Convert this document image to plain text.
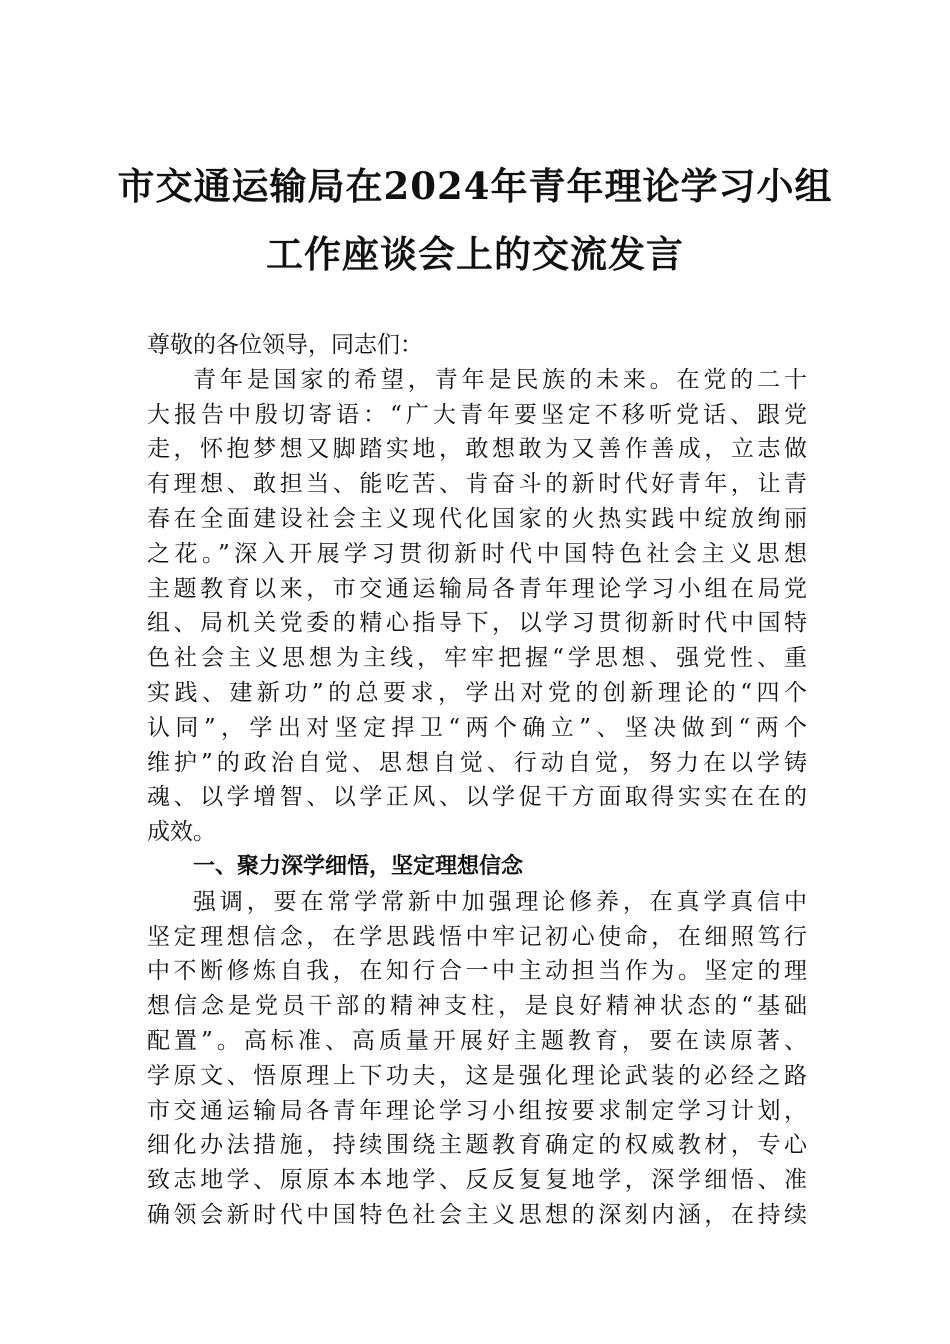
市交通运输局在2024年青年理论学习小组
工作座谈会上的交流发言
尊敬的各位领导，同志们：
青年是国家的希望，青年是民族的未来。在党的二十
大报告中殷切寄语：“广大青年要坚定不移听党话、跟党
走，怀抱梦想又脚踏实地，敢想敢为又善作善成，立志做
有理想、敢担当、能吃苦、肯奋斗的新时代好青年，让青
春在全面建设社会主义现代化国家的火热实践中绽放绚丽
之花。”深入开展学习贯彻新时代中国特色社会主义思想
主题教育以来，市交通运输局各青年理论学习小组在局党
组、局机关党委的精心指导下，以学习贯彻新时代中国特
色社会主义思想为主线，牢牢把握“学思想、强党性、重
实践、建新功”的总要求，学出对党的创新理论的“四个
认同”，学出对坚定捍卫“两个确立”、坚决做到“两个
维护”的政治自觉、思想自觉、行动自觉，努力在以学铸
魂、以学增智、以学正风、以学促干方面取得实实在在的
成效。
一、聚力深学细悟，坚定理想信念
强调，要在常学常新中加强理论修养，在真学真信中
坚定理想信念，在学思践悟中牢记初心使命，在细照笃行
中不断修炼自我，在知行合一中主动担当作为。坚定的理
想信念是党员干部的精神支柱，是良好精神状态的“基础
配置”。高标准、高质量开展好主题教育，要在读原著、
学原文、悟原理上下功夫，这是强化理论武装的必经之路
市交通运输局各青年理论学习小组按要求制定学习计划，
细化办法措施，持续围绕主题教育确定的权威教材，专心
致志地学、原原本本地学、反反复复地学，深学细悟、准
确领会新时代中国特色社会主义思想的深刻内涵，在持续
